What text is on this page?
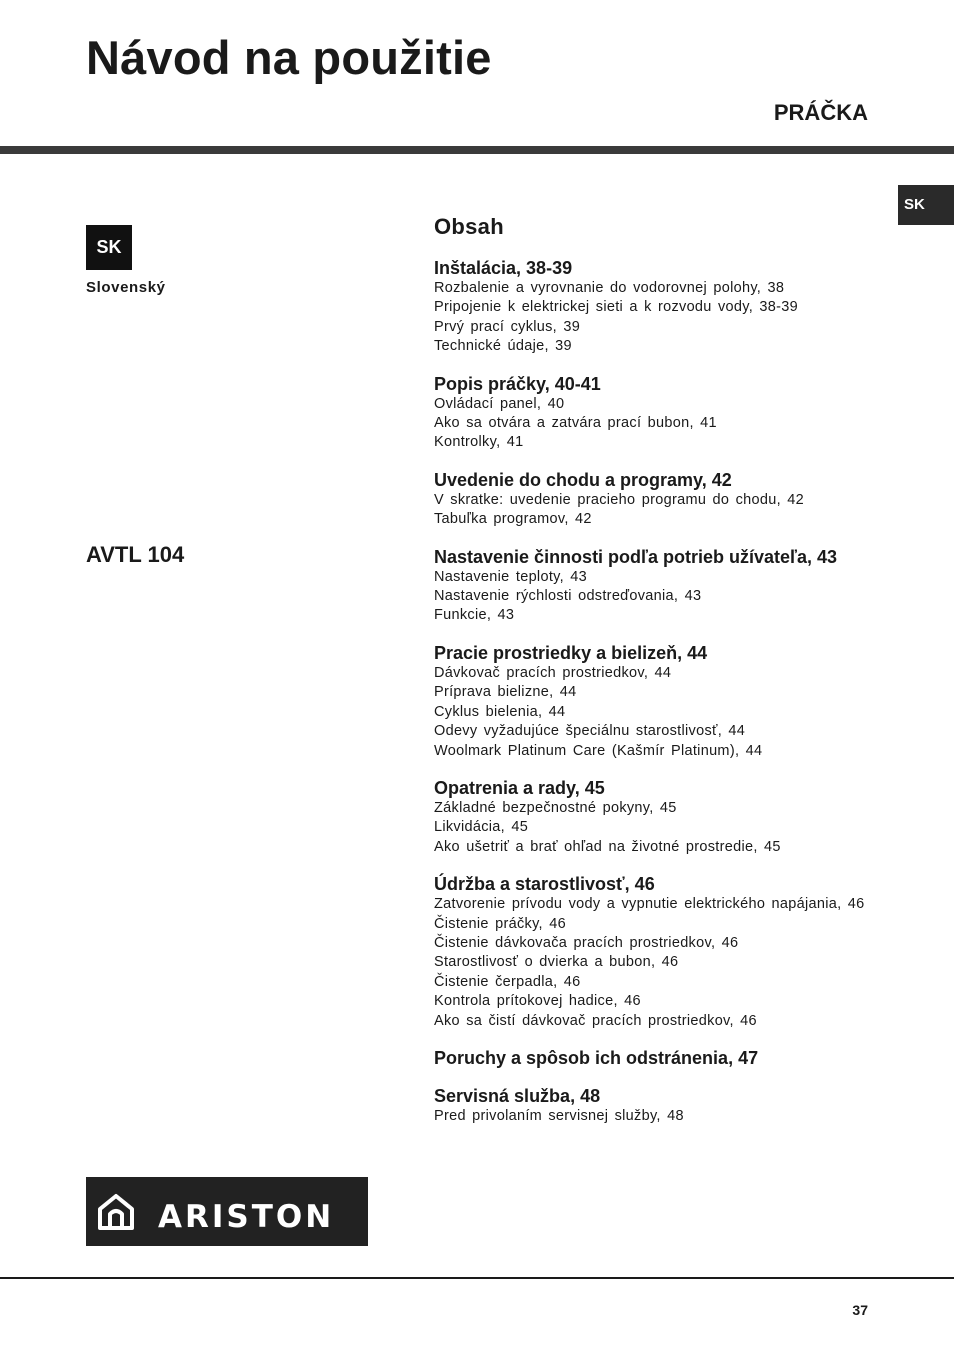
Návod na použitie
PRÁČKA
SK
SK
Slovenský
AVTL 104
Obsah
Inštalácia, 38-39
Rozbalenie a vyrovnanie do vodorovnej polohy, 38
Pripojenie k elektrickej sieti a k rozvodu vody, 38-39
Prvý prací cyklus, 39
Technické údaje, 39
Popis práčky, 40-41
Ovládací panel, 40
Ako sa otvára a zatvára prací bubon, 41
Kontrolky, 41
Uvedenie do chodu a programy, 42
V skratke: uvedenie pracieho programu do chodu, 42
Tabuľka programov, 42
Nastavenie činnosti podľa potrieb užívateľa, 43
Nastavenie teploty, 43
Nastavenie rýchlosti odstreďovania, 43
Funkcie, 43
Pracie prostriedky a bielizeň, 44
Dávkovač pracích prostriedkov, 44
Príprava bielizne, 44
Cyklus bielenia, 44
Odevy vyžadujúce špeciálnu starostlivosť, 44
Woolmark Platinum Care (Kašmír Platinum), 44
Opatrenia a rady, 45
Základné bezpečnostné pokyny, 45
Likvidácia, 45
Ako ušetriť a brať ohľad na životné prostredie, 45
Údržba a starostlivosť, 46
Zatvorenie prívodu vody a vypnutie elektrického napájania, 46
Čistenie práčky, 46
Čistenie dávkovača pracích prostriedkov, 46
Starostlivosť o dvierka a bubon, 46
Čistenie čerpadla, 46
Kontrola prítokovej hadice, 46
Ako sa čistí dávkovač pracích prostriedkov, 46
Poruchy a spôsob ich odstránenia, 47
Servisná služba, 48
Pred privolaním servisnej služby, 48
ARISTON
37
